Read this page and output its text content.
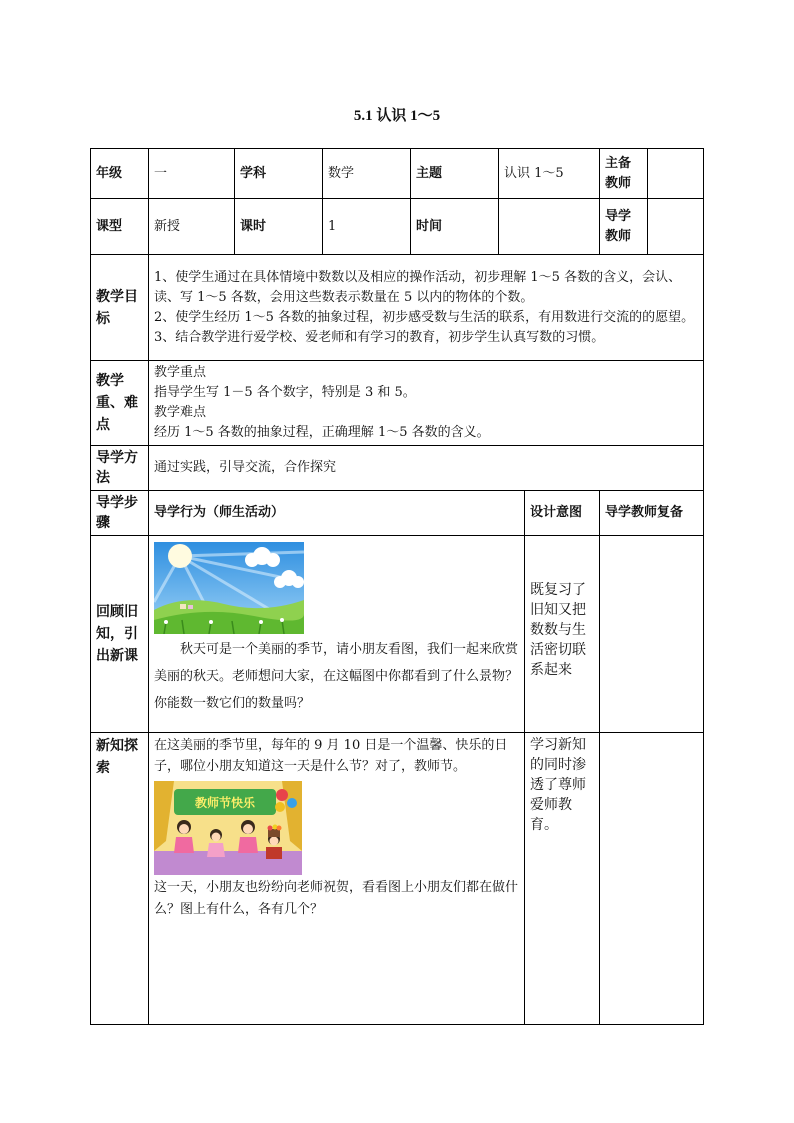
5.1 认识 1～5
年级	一	学科	数学	主题	认识 1～5		主备教师	
课型	新授	课时	1	时间			导学教师	
教学目标	1、使学生通过在具体情境中数数以及相应的操作活动，初步理解 1～5 各数的含义，会认、读、写 1～5 各数，会用这些数表示数量在 5 以内的物体的个数。

2、使学生经历 1～5 各数的抽象过程，初步感受数与生活的联系，有用数进行交流的的愿望。

3、结合教学进行爱学校、爱老师和有学习的教育，初步学生认真写数的习惯。							

教学重、难点	教学重点
指导学生写 1－5 各个数字，特别是 3 和 5。
教学难点
经历 1～5 各数的抽象过程，正确理解 1～5 各数的含义。							

导学方法	通过实践，引导交流，合作探究							
导学步骤	导学行为（师生活动）					设计意图	导学教师复备	
回顾旧知，引出新课	秋天可是一个美丽的季节，请小朋友看图，我们一起来欣赏美丽的秋天。老师想问大家，在这幅图中你都看到了什么景物？你能数一数它们的数量吗？					既复习了旧知又把数数与生活密切联系起来		
新知探索	在这美丽的季节里，每年的 9 月 10 日是一个温馨、快乐的日子，哪位小朋友知道这一天是什么节？对了，教师节。
教师节快乐
这一天，小朋友也纷纷向老师祝贺，看看图上小朋友们都在做什么？图上有什么，各有几个？					学习新知的同时渗透了尊师爱师教育。		
